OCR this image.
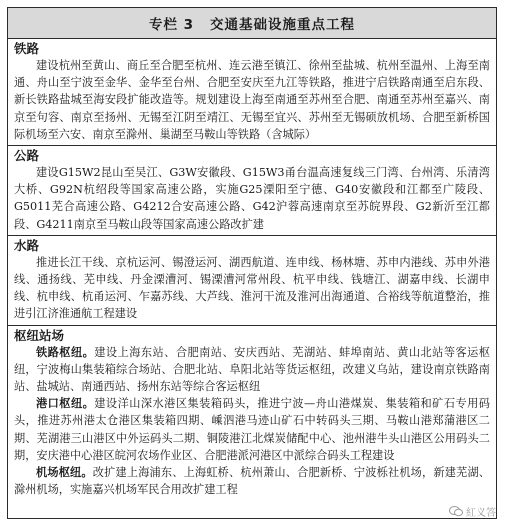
专栏 3 交通基础设施重点工程
铁路

建设杭州至黄山、商丘至合肥至杭州、连云港至镇江、徐州至盐城、杭州至温州、上海至南通、舟山至宁波至金华、金华至台州、合肥至安庆至九江等铁路，推进宁启铁路南通至启东段、新长铁路盐城至海安段扩能改造等。规划建设上海至南通至苏州至合肥、南通至苏州至嘉兴、南京至句容、南京至扬州、无锡至江阴至靖江、无锡至宜兴、苏州至无锡硕放机场、合肥至新桥国际机场至六安、南京至滁州、巢湖至马鞍山等铁路（含城际）

公路

建设G15W2昆山至吴江、G3W安徽段、G15W3甬台温高速复线三门湾、台州湾、乐清湾大桥、G92N杭绍段等国家高速公路，实施G25溧阳至宁德、G40安徽段和江都至广陵段、G5011芜合高速公路、G4212合安高速公路、G42沪蓉高速南京至苏皖界段、G2新沂至江都段、G4211南京至马鞍山段等国家高速公路改扩建

水路

推进长江干线、京杭运河、锡澄运河、湖西航道、连申线、杨林塘、苏申内港线、苏申外港线、通扬线、芜申线、丹金溧漕河、锡溧漕河常州段、杭平申线、钱塘江、湖嘉申线、长湖申线、杭申线、杭甬运河、乍嘉苏线、大芦线、淮河干流及淮河出海通道、合裕线等航道整治，推进引江济淮通航工程建设

枢纽站场

铁路枢纽。建设上海东站、合肥南站、安庆西站、芜湖站、蚌埠南站、黄山北站等客运枢纽，宁波梅山集装箱综合场站、合肥北站、阜阳北站等货运枢纽，改建义乌站，建设南京铁路南站、盐城站、南通西站、扬州东站等综合客运枢纽

港口枢纽。建设洋山深水港区集装箱码头，推进宁波—舟山港煤炭、集装箱和矿石专用码头，推进苏州港太仓港区集装箱四期、嵊泗港马迹山矿石中转码头三期、马鞍山港郑蒲港区二期、芜湖港三山港区中外运码头二期、铜陵港江北煤炭储配中心、池州港牛头山港区公用码头二期，安庆港中心港区皖河农场作业区、合肥港派河港区中派综合码头工程建设

机场枢纽。改扩建上海浦东、上海虹桥、杭州萧山、合肥新桥、宁波栎社机场，新建芜湖、滁州机场，实施嘉兴机场军民合用改扩建工程

紅义答
